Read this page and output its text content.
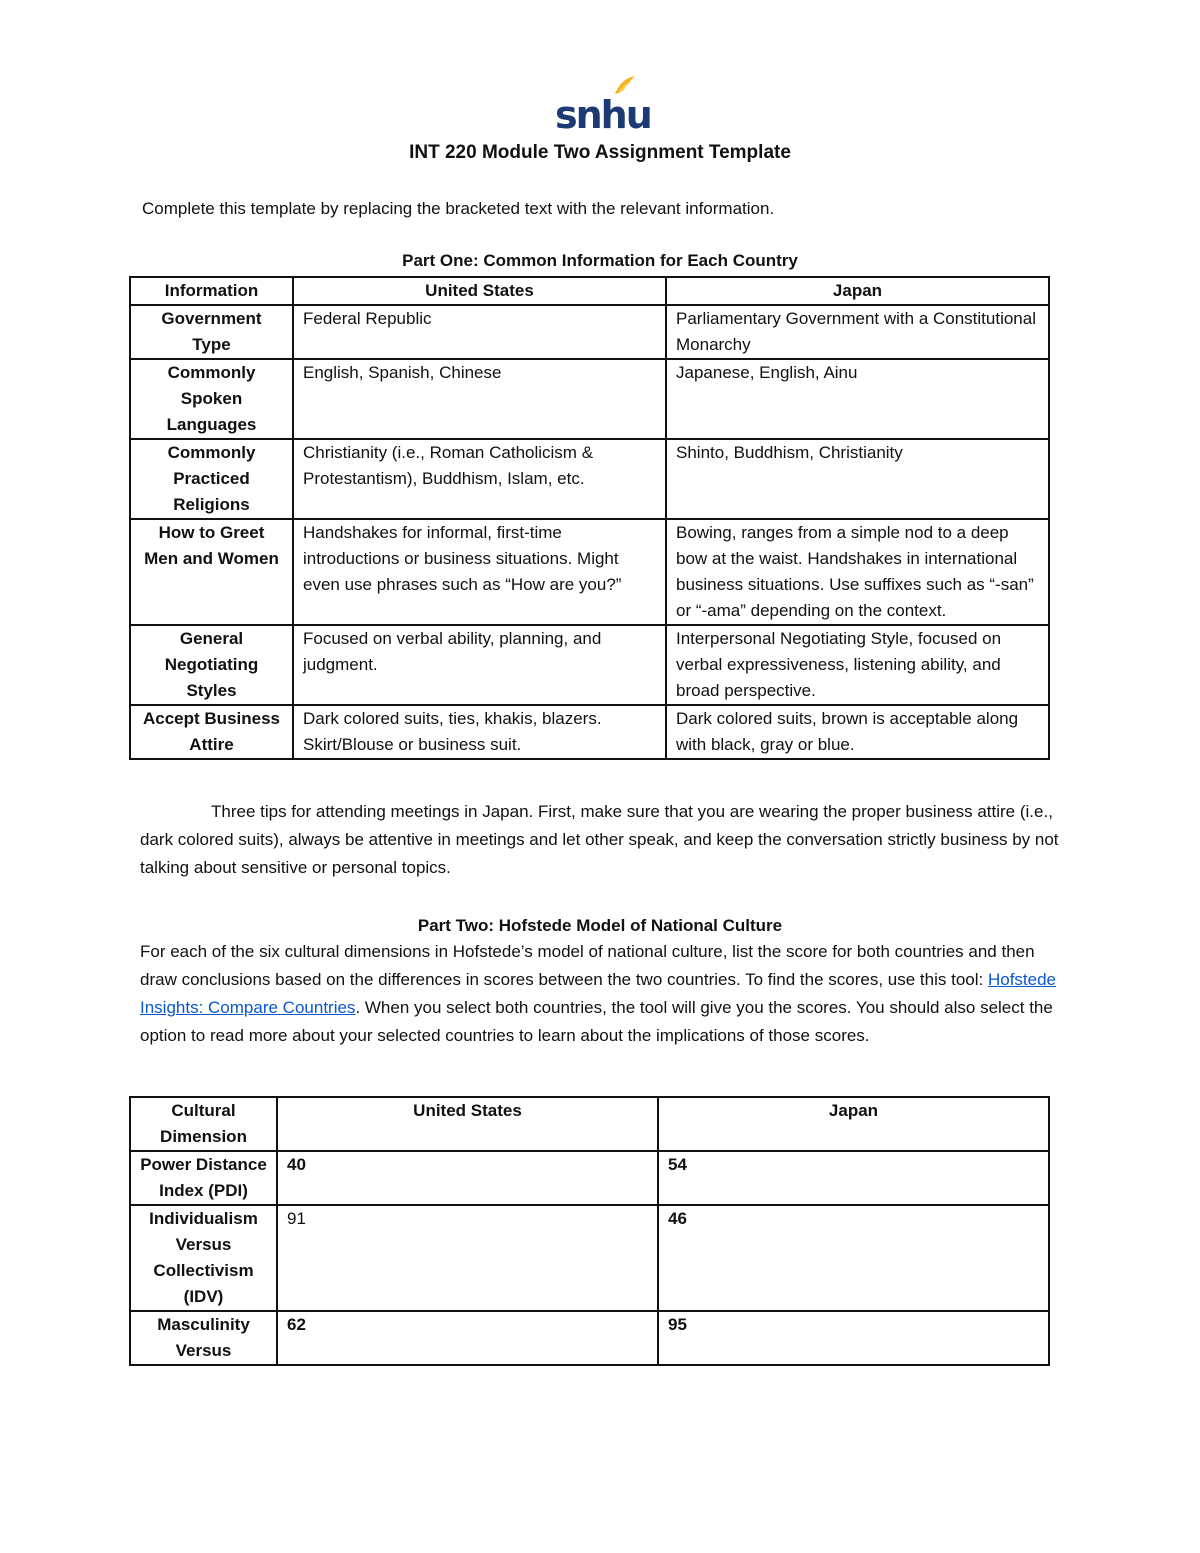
snhu
INT 220 Module Two Assignment Template
Complete this template by replacing the bracketed text with the relevant information.
Part One: Common Information for Each Country
Information	United States	Japan
Government Type	Federal Republic	Parliamentary Government with a Constitutional Monarchy
Commonly Spoken Languages	English, Spanish, Chinese	Japanese, English, Ainu
Commonly Practiced Religions	Christianity (i.e., Roman Catholicism & Protestantism), Buddhism, Islam, etc.	Shinto, Buddhism, Christianity
How to Greet Men and Women	Handshakes for informal, first-time introductions or business situations. Might even use phrases such as “How are you?”	Bowing, ranges from a simple nod to a deep bow at the waist. Handshakes in international business situations. Use suffixes such as “-san” or “-ama” depending on the context.
General Negotiating Styles	Focused on verbal ability, planning, and judgment.	Interpersonal Negotiating Style, focused on verbal expressiveness, listening ability, and broad perspective.
Accept Business Attire	Dark colored suits, ties, khakis, blazers. Skirt/Blouse or business suit.	Dark colored suits, brown is acceptable along with black, gray or blue.

Three tips for attending meetings in Japan. First, make sure that you are wearing the proper business attire (i.e., dark colored suits), always be attentive in meetings and let other speak, and keep the conversation strictly business by not talking about sensitive or personal topics.

Part Two: Hofstede Model of National Culture

For each of the six cultural dimensions in Hofstede’s model of national culture, list the score for both countries and then draw conclusions based on the differences in scores between the two countries. To find the scores, use this tool: Hofstede Insights: Compare Countries. When you select both countries, the tool will give you the scores. You should also select the option to read more about your selected countries to learn about the implications of those scores.

Cultural Dimension	United States	Japan
Power Distance Index (PDI)	40	54
Individualism Versus Collectivism (IDV)	91	46
Masculinity Versus	62	95
